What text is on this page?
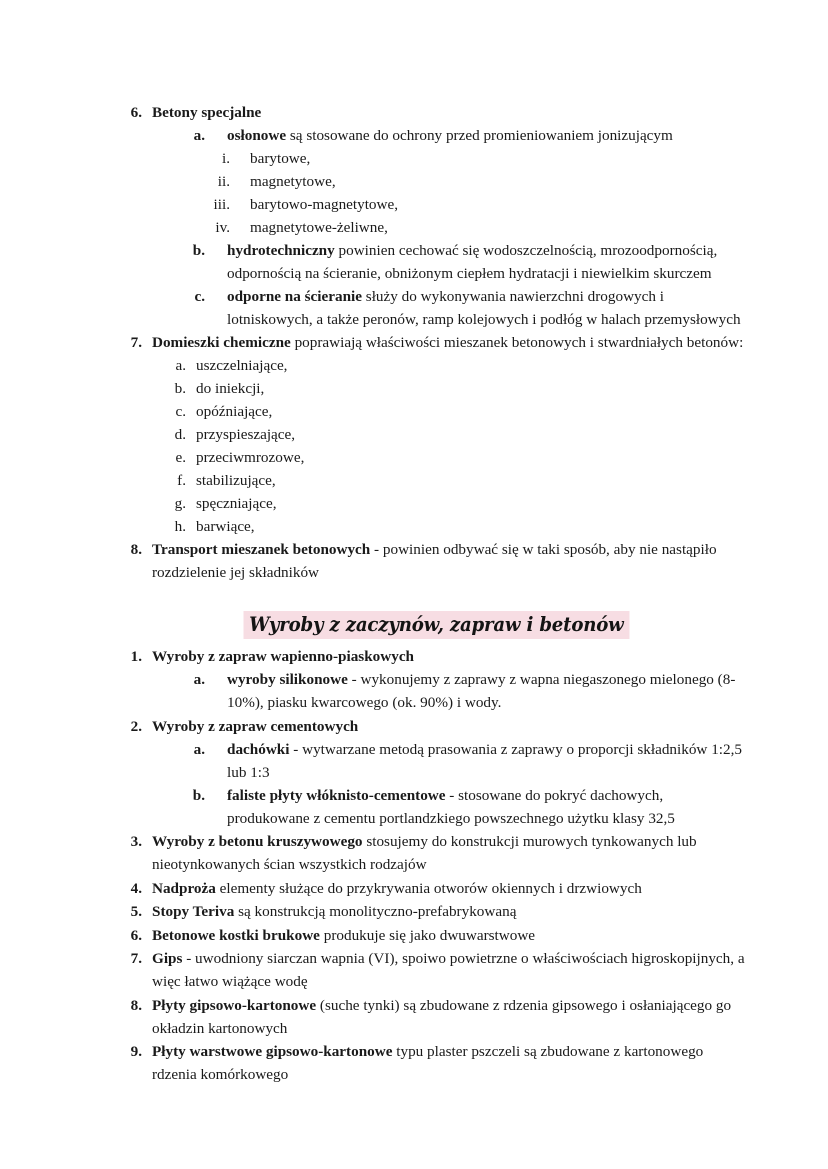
6. Betony specjalne
a. osłonowe są stosowane do ochrony przed promieniowaniem jonizującym
i. barytowe,
ii. magnetytowe,
iii. barytowo-magnetytowe,
iv. magnetytowe-żeliwne,
b. hydrotechniczny powinien cechować się wodoszczelnością, mrozoodpornością, odpornością na ścieranie, obniżonym ciepłem hydratacji i niewielkim skurczem
c. odporne na ścieranie służy do wykonywania nawierzchni drogowych i lotniskowych, a także peronów, ramp kolejowych i podłóg w halach przemysłowych
7. Domieszki chemiczne poprawiają właściwości mieszanek betonowych i stwardniałych betonów:
a. uszczelniające,
b. do iniekcji,
c. opóźniające,
d. przyspieszające,
e. przeciwmrozowe,
f. stabilizujące,
g. spęczniające,
h. barwiące,
8. Transport mieszanek betonowych - powinien odbywać się w taki sposób, aby nie nastąpiło rozdzielenie jej składników
Wyroby z zaczynów, zapraw i betonów
1. Wyroby z zapraw wapienno-piaskowych
a. wyroby silikonowe - wykonujemy z zaprawy z wapna niegaszonego mielonego (8-10%), piasku kwarcowego (ok. 90%) i wody.
2. Wyroby z zapraw cementowych
a. dachówki - wytwarzane metodą prasowania z zaprawy o proporcji składników 1:2,5 lub 1:3
b. faliste płyty włóknisto-cementowe - stosowane do pokryć dachowych, produkowane z cementu portlandzkiego powszechnego użytku klasy 32,5
3. Wyroby z betonu kruszywowego stosujemy do konstrukcji murowych tynkowanych lub nieotynkowanych ścian wszystkich rodzajów
4. Nadproża elementy służące do przykrywania otworów okiennych i drzwiowych
5. Stopy Teriva są konstrukcją monolityczno-prefabrykowaną
6. Betonowe kostki brukowe produkuje się jako dwuwarstwowe
7. Gips - uwodniony siarczan wapnia (VI), spoiwo powietrzne o właściwościach higroskopijnych, a więc łatwo wiążące wodę
8. Płyty gipsowo-kartonowe (suche tynki) są zbudowane z rdzenia gipsowego i osłaniającego go okładzin kartonowych
9. Płyty warstwowe gipsowo-kartonowe typu plaster pszczeli są zbudowane z kartonowego rdzenia komórkowego
